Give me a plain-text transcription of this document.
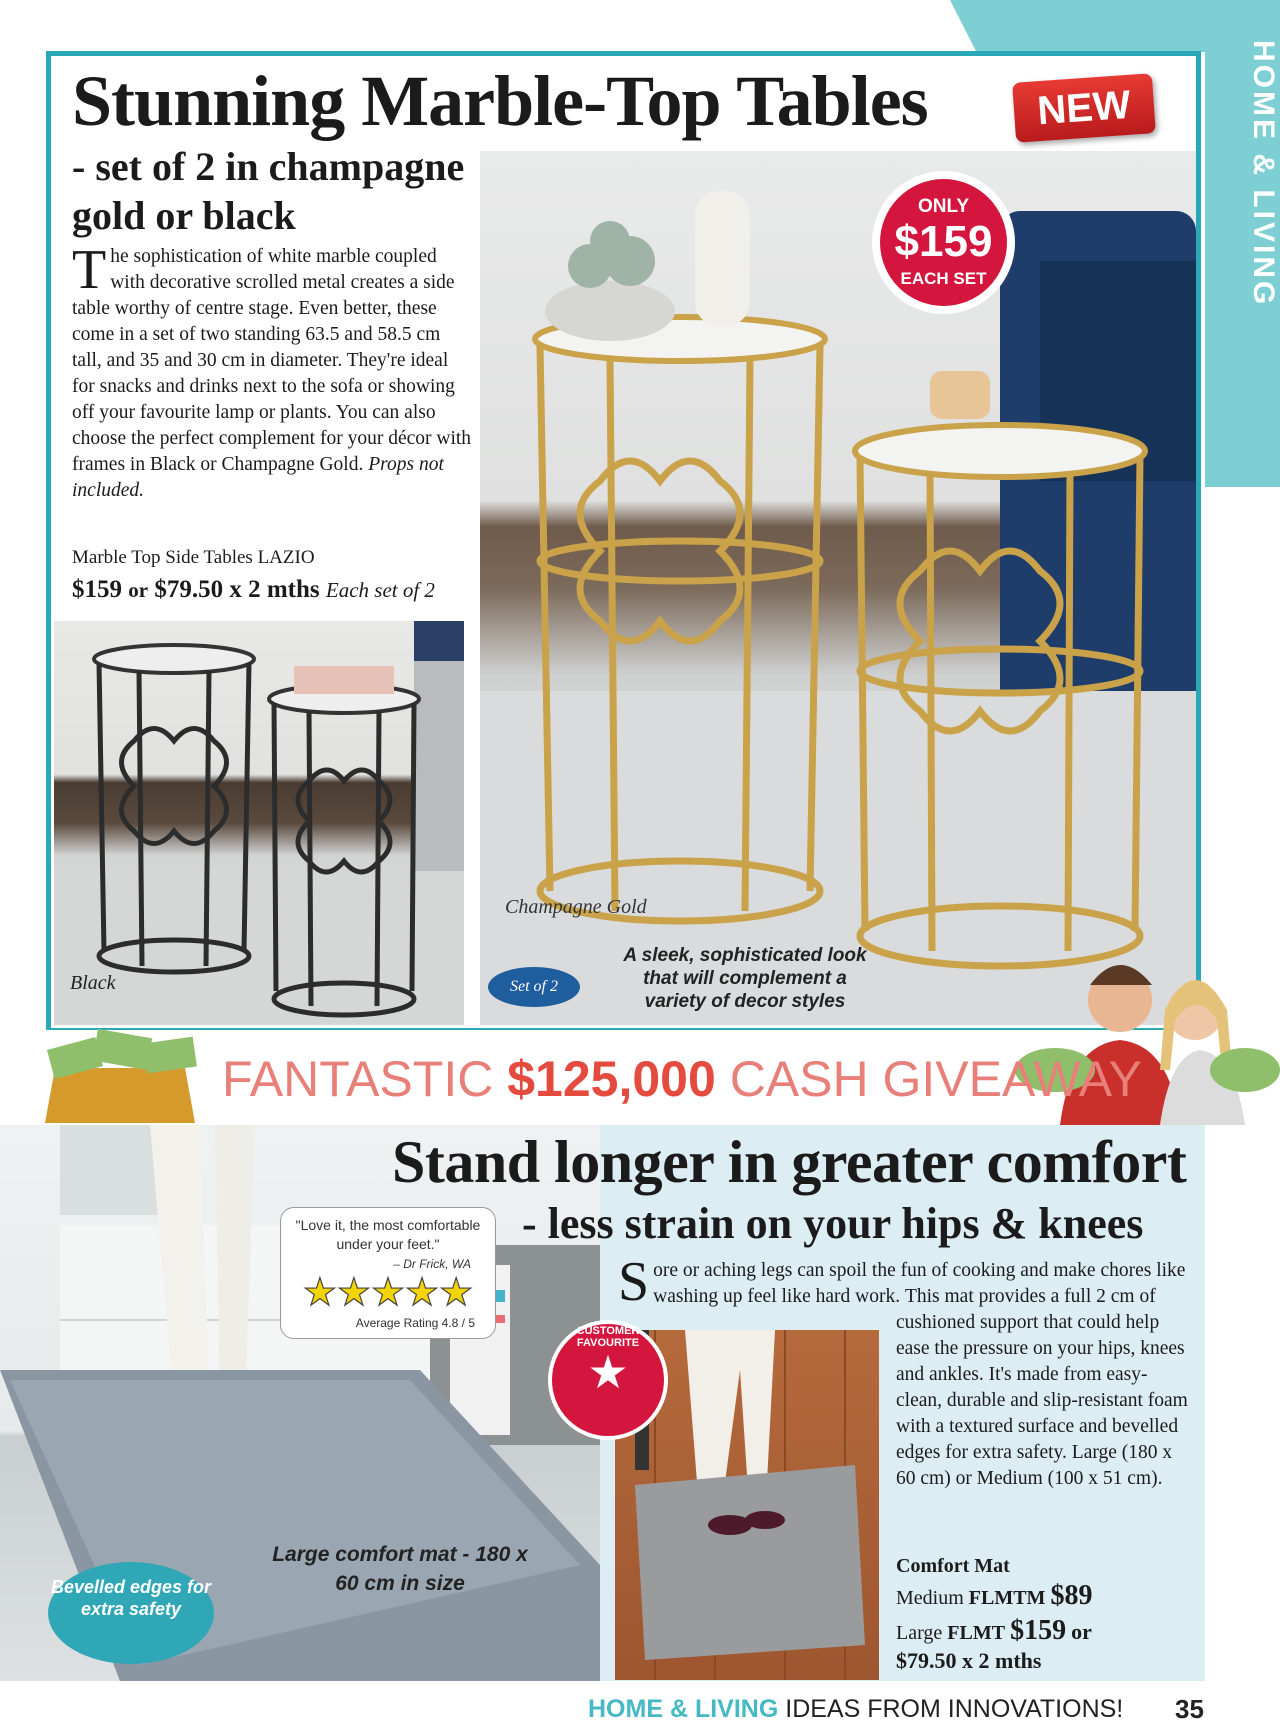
HOME & LIVING
Stunning Marble-Top Tables	NEW
- set of 2 in champagne gold or black
The sophistication of white marble coupled with decorative scrolled metal creates a side table worthy of centre stage. Even better, these come in a set of two standing 63.5 and 58.5 cm tall, and 35 and 30 cm in diameter. They're ideal for snacks and drinks next to the sofa or showing off your favourite lamp or plants. You can also choose the perfect complement for your décor with frames in Black or Champagne Gold. Props not included.
Marble Top Side Tables LAZIO
$159 or $79.50 x 2 mths Each set of 2
ONLY
$159
EACH SET
Champagne Gold
Black	Set of 2
A sleek, sophisticated look that will complement a variety of decor styles
FANTASTIC $125,000 CASH GIVEAWAY
Stand longer in greater comfort
- less strain on your hips & knees
"Love it, the most comfortable under your feet."
– Dr Frick, WA
★★★★★
Average Rating 4.8 / 5
★
CUSTOMER FAVOURITE
Sore or aching legs can spoil the fun of cooking and make chores like washing up feel like hard work. This mat provides a full 2 cm of cushioned support that could help ease the pressure on your hips, knees and ankles. It's made from easy-clean, durable and slip-resistant foam with a textured surface and bevelled edges for extra safety. Large (180 x 60 cm) or Medium (100 x 51 cm).
Large comfort mat - 180 x 60 cm in size
Bevelled edges for extra safety
Comfort Mat
Medium FLMTM $89
Large FLMT $159 or
$79.50 x 2 mths
HOME & LIVING IDEAS FROM INNOVATIONS! 35
